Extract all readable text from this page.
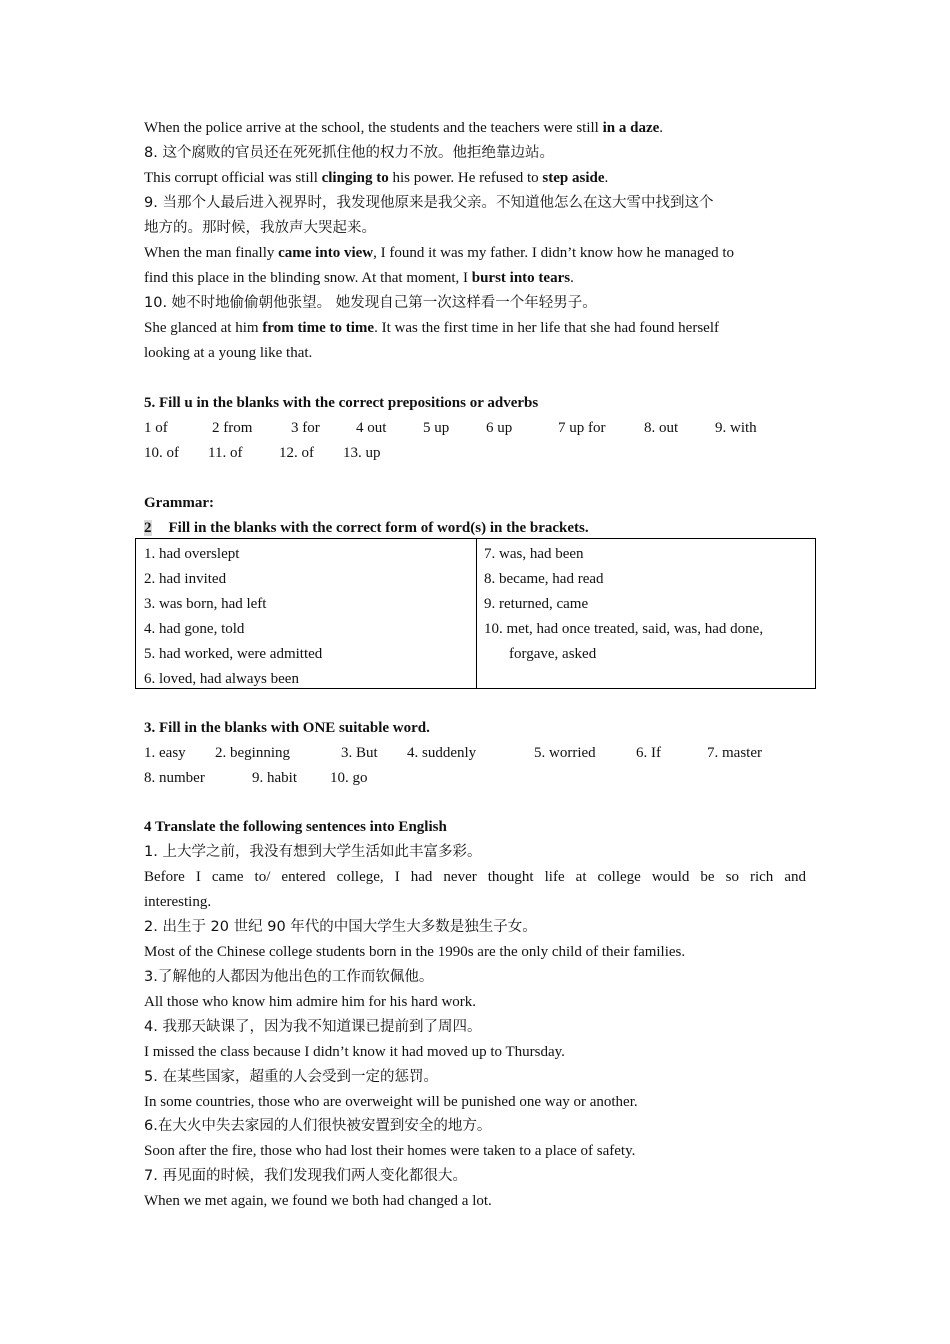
When the police arrive at the school, the students and the teachers were still in a daze.
8. 这个腐败的官员还在死死抓住他的权力不放。他拒绝靠边站。
This corrupt official was still clinging to his power. He refused to step aside.
9. 当那个人最后进入视界时，我发现他原来是我父亲。不知道他怎么在这大雪中找到这个
地方的。那时候，我放声大哭起来。
When the man finally came into view, I found it was my father. I didn’t know how he managed to
find this place in the blinding snow. At that moment, I burst into tears.
10. 她不时地偷偷朝他张望。 她发现自己第一次这样看一个年轻男子。
She glanced at him from time to time. It was the first time in her life that she had found herself
looking at a young like that.
5. Fill u in the blanks with the correct prepositions or adverbs
1 of	2 from	3 for 4 out 5 up 6 up	7 up for	8. out 9. with
10. of 11. of 12. of 13. up
Grammar:
2 Fill in the blanks with the correct form of word(s) in the brackets.
1. had overslept
2. had invited
3. was born, had left
4. had gone, told
5. had worked, were admitted
6. loved, had always been
7. was, had been
8. became, had read
9. returned, came
10. met, had once treated, said, was, had done,
forgave, asked
3. Fill in the blanks with ONE suitable word.
1. easy 2. beginning	3. But 4. suddenly	5. worried	6. If	7. master
8. number	9. habit 10. go
4 Translate the following sentences into English
1. 上大学之前，我没有想到大学生活如此丰富多彩。
Before I came to/ entered college, I had never thought life at college would be so rich and
interesting.
2. 出生于 20 世纪 90 年代的中国大学生大多数是独生子女。
Most of the Chinese college students born in the 1990s are the only child of their families.
3.了解他的人都因为他出色的工作而钦佩他。
All those who know him admire him for his hard work.
4. 我那天缺课了，因为我不知道课已提前到了周四。
I missed the class because I didn’t know it had moved up to Thursday.
5. 在某些国家，超重的人会受到一定的惩罚。
In some countries, those who are overweight will be punished one way or another.
6.在大火中失去家园的人们很快被安置到安全的地方。
Soon after the fire, those who had lost their homes were taken to a place of safety.
7. 再见面的时候，我们发现我们两人变化都很大。
When we met again, we found we both had changed a lot.
